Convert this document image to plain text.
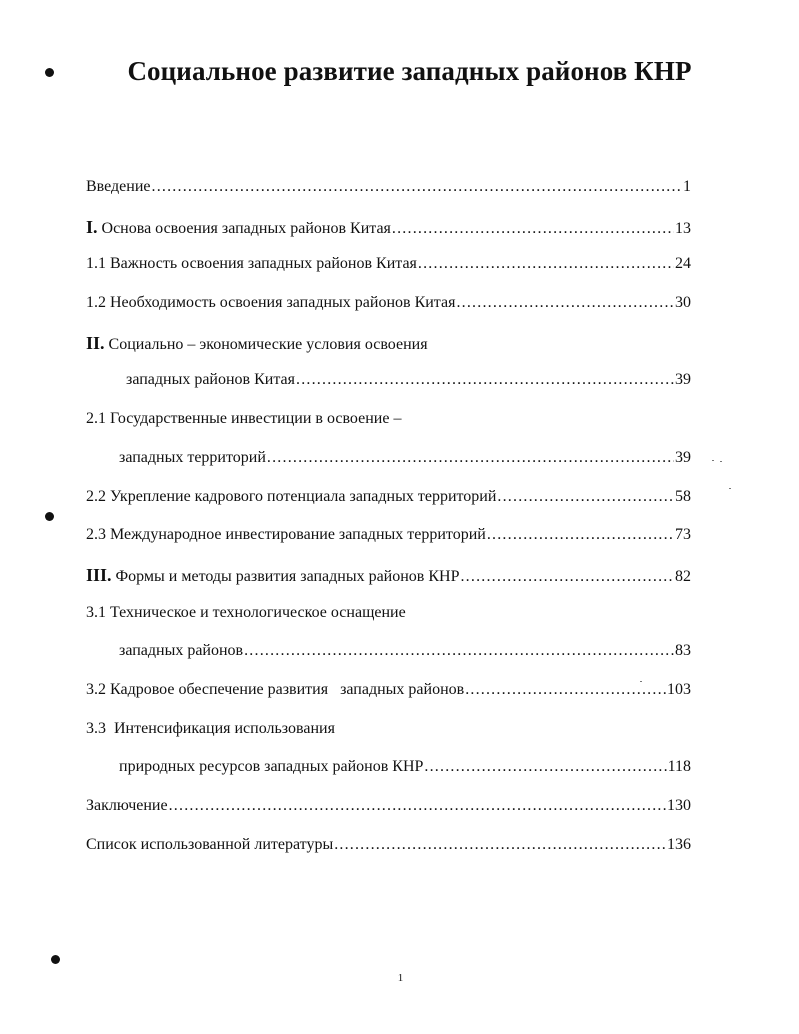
Социальное развитие западных районов КНР
Введение .....	1
I. Основа освоения западных районов Китая .....	13
1.1 Важность освоения западных районов Китая .....	24
1.2 Необходимость освоения западных районов Китая .....	30
II. Социально – экономические условия освоения
западных районов Китая .....	39
2.1 Государственные инвестиции в освоение –
западных территорий .....	39
2.2 Укрепление кадрового потенциала западных территорий .....	58
2.3 Международное инвестирование западных территорий .....	73
III. Формы и методы развития западных районов КНР .....	82
3.1 Техническое и технологическое оснащение
западных районов .....	83
3.2 Кадровое обеспечение развития   западных районов .....	103
3.3  Интенсификация использования
природных ресурсов западных районов КНР .....	118
Заключение .....	130
Список использованной литературы .....	136
1
